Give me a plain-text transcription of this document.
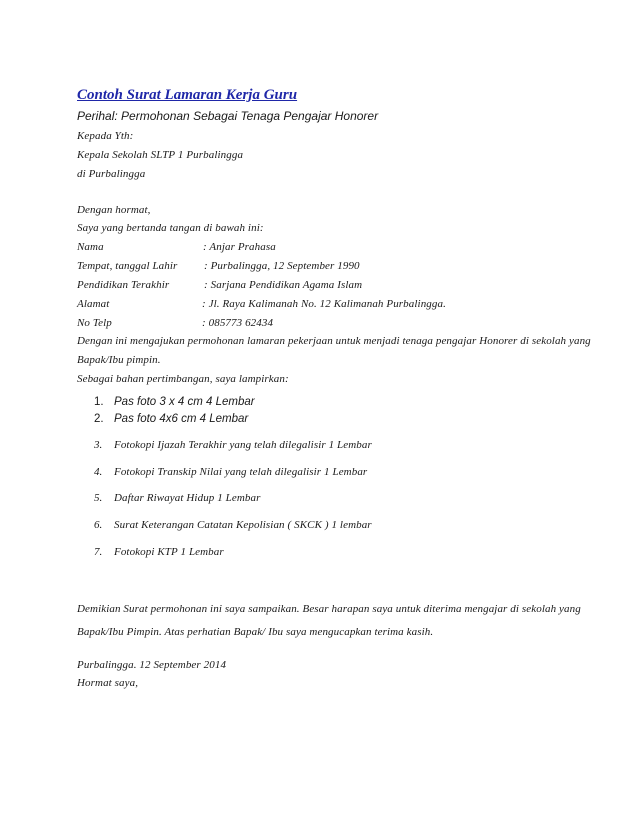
Contoh Surat Lamaran Kerja Guru
Perihal: Permohonan Sebagai Tenaga Pengajar Honorer
Kepada Yth:
Kepala Sekolah SLTP 1 Purbalingga
di Purbalingga
Dengan hormat,
Saya yang bertanda tangan di bawah ini:
Nama	: Anjar Prahasa
Tempat, tanggal Lahir : Purbalingga, 12 September 1990
Pendidikan Terakhir	: Sarjana Pendidikan Agama Islam
Alamat	: Jl. Raya Kalimanah No. 12 Kalimanah Purbalingga.
No Telp	: 085773 62434
Dengan ini mengajukan permohonan lamaran pekerjaan untuk menjadi tenaga pengajar Honorer di sekolah yang
Bapak/Ibu pimpin.
Sebagai bahan pertimbangan, saya lampirkan:
1. Pas foto 3 x 4 cm 4 Lembar
2. Pas foto 4x6 cm 4 Lembar
3. Fotokopi Ijazah Terakhir yang telah dilegalisir 1 Lembar
4. Fotokopi Transkip Nilai yang telah dilegalisir 1 Lembar
5. Daftar Riwayat Hidup 1 Lembar
6. Surat Keterangan Catatan Kepolisian ( SKCK ) 1 lembar
7. Fotokopi KTP 1 Lembar
Demikian Surat permohonan ini saya sampaikan. Besar harapan saya untuk diterima mengajar di sekolah yang
Bapak/Ibu Pimpin. Atas perhatian Bapak/ Ibu saya mengucapkan terima kasih.
Purbalingga. 12 September 2014
Hormat saya,
